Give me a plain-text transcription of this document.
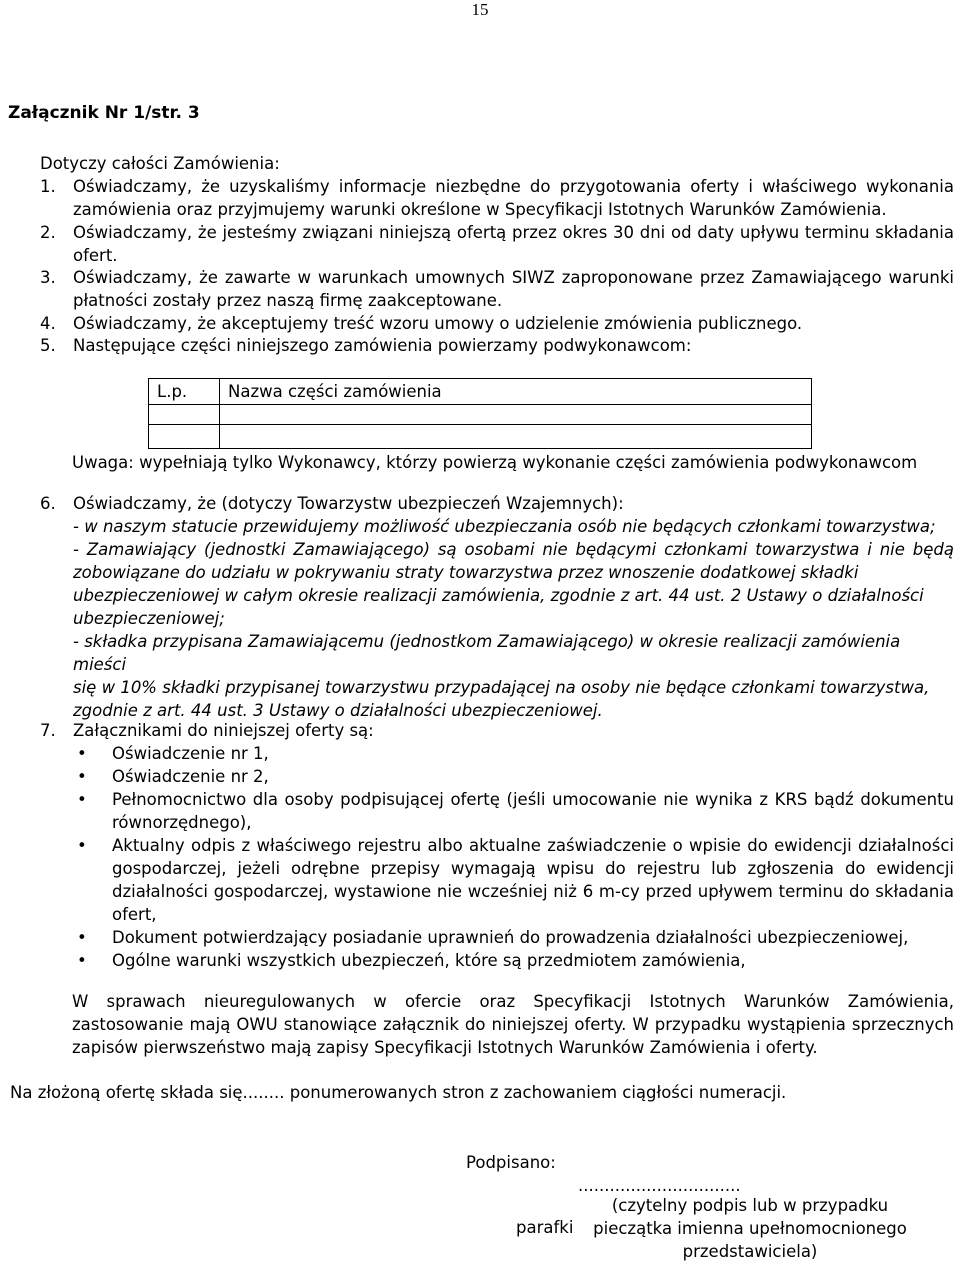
15
Załącznik Nr 1/str. 3
Dotyczy całości Zamówienia:
1.	Oświadczamy, że uzyskaliśmy informacje niezbędne do przygotowania oferty i właściwego wykonania
zamówienia oraz przyjmujemy warunki określone w Specyfikacji Istotnych Warunków Zamówienia.
2.	Oświadczamy, że jesteśmy związani niniejszą ofertą przez okres 30 dni od daty upływu terminu składania
ofert.
3.	Oświadczamy, że zawarte w warunkach umownych SIWZ zaproponowane przez Zamawiającego warunki
płatności zostały przez naszą firmę zaakceptowane.
4.	Oświadczamy, że akceptujemy treść wzoru umowy o udzielenie zmówienia publicznego.
5.	Następujące części niniejszego zamówienia powierzamy podwykonawcom:
L.p.	Nazwa części zamówienia

Uwaga: wypełniają tylko Wykonawcy, którzy powierzą wykonanie części zamówienia podwykonawcom
6.	Oświadczamy, że (dotyczy Towarzystw ubezpieczeń Wzajemnych):
- w naszym statucie przewidujemy możliwość ubezpieczania osób nie będących członkami towarzystwa;
- Zamawiający (jednostki Zamawiającego) są osobami nie będącymi członkami towarzystwa i nie będą
zobowiązane do udziału w pokrywaniu straty towarzystwa przez wnoszenie dodatkowej składki
ubezpieczeniowej w całym okresie realizacji zamówienia, zgodnie z art. 44 ust. 2 Ustawy o działalności
ubezpieczeniowej;
- składka przypisana Zamawiającemu (jednostkom Zamawiającego) w okresie realizacji zamówienia mieści
się w 10% składki przypisanej towarzystwu przypadającej na osoby nie będące członkami towarzystwa,
zgodnie z art. 44 ust. 3 Ustawy o działalności ubezpieczeniowej.
7.	Załącznikami do niniejszej oferty są:
• Oświadczenie nr 1,
• Oświadczenie nr 2,
• Pełnomocnictwo dla osoby podpisującej ofertę (jeśli umocowanie nie wynika z KRS bądź dokumentu równorzędnego),
• Aktualny odpis z właściwego rejestru albo aktualne zaświadczenie o wpisie do ewidencji działalności gospodarczej, jeżeli odrębne przepisy wymagają wpisu do rejestru lub zgłoszenia do ewidencji działalności gospodarczej, wystawione nie wcześniej niż 6 m-cy przed upływem terminu do składania ofert,
• Dokument potwierdzający posiadanie uprawnień do prowadzenia działalności ubezpieczeniowej,
• Ogólne warunki wszystkich ubezpieczeń, które są przedmiotem zamówienia,
W sprawach nieuregulowanych w ofercie oraz Specyfikacji Istotnych Warunków Zamówienia,
zastosowanie mają OWU stanowiące załącznik do niniejszej oferty. W przypadku wystąpienia sprzecznych
zapisów pierwszeństwo mają zapisy Specyfikacji Istotnych Warunków Zamówienia i oferty.
Na złożoną ofertę składa się........ ponumerowanych stron z zachowaniem ciągłości numeracji.
Podpisano:
...............................
(czytelny podpis lub w przypadku
pieczątka imienna upełnomocnionego
przedstawiciela)
parafki
